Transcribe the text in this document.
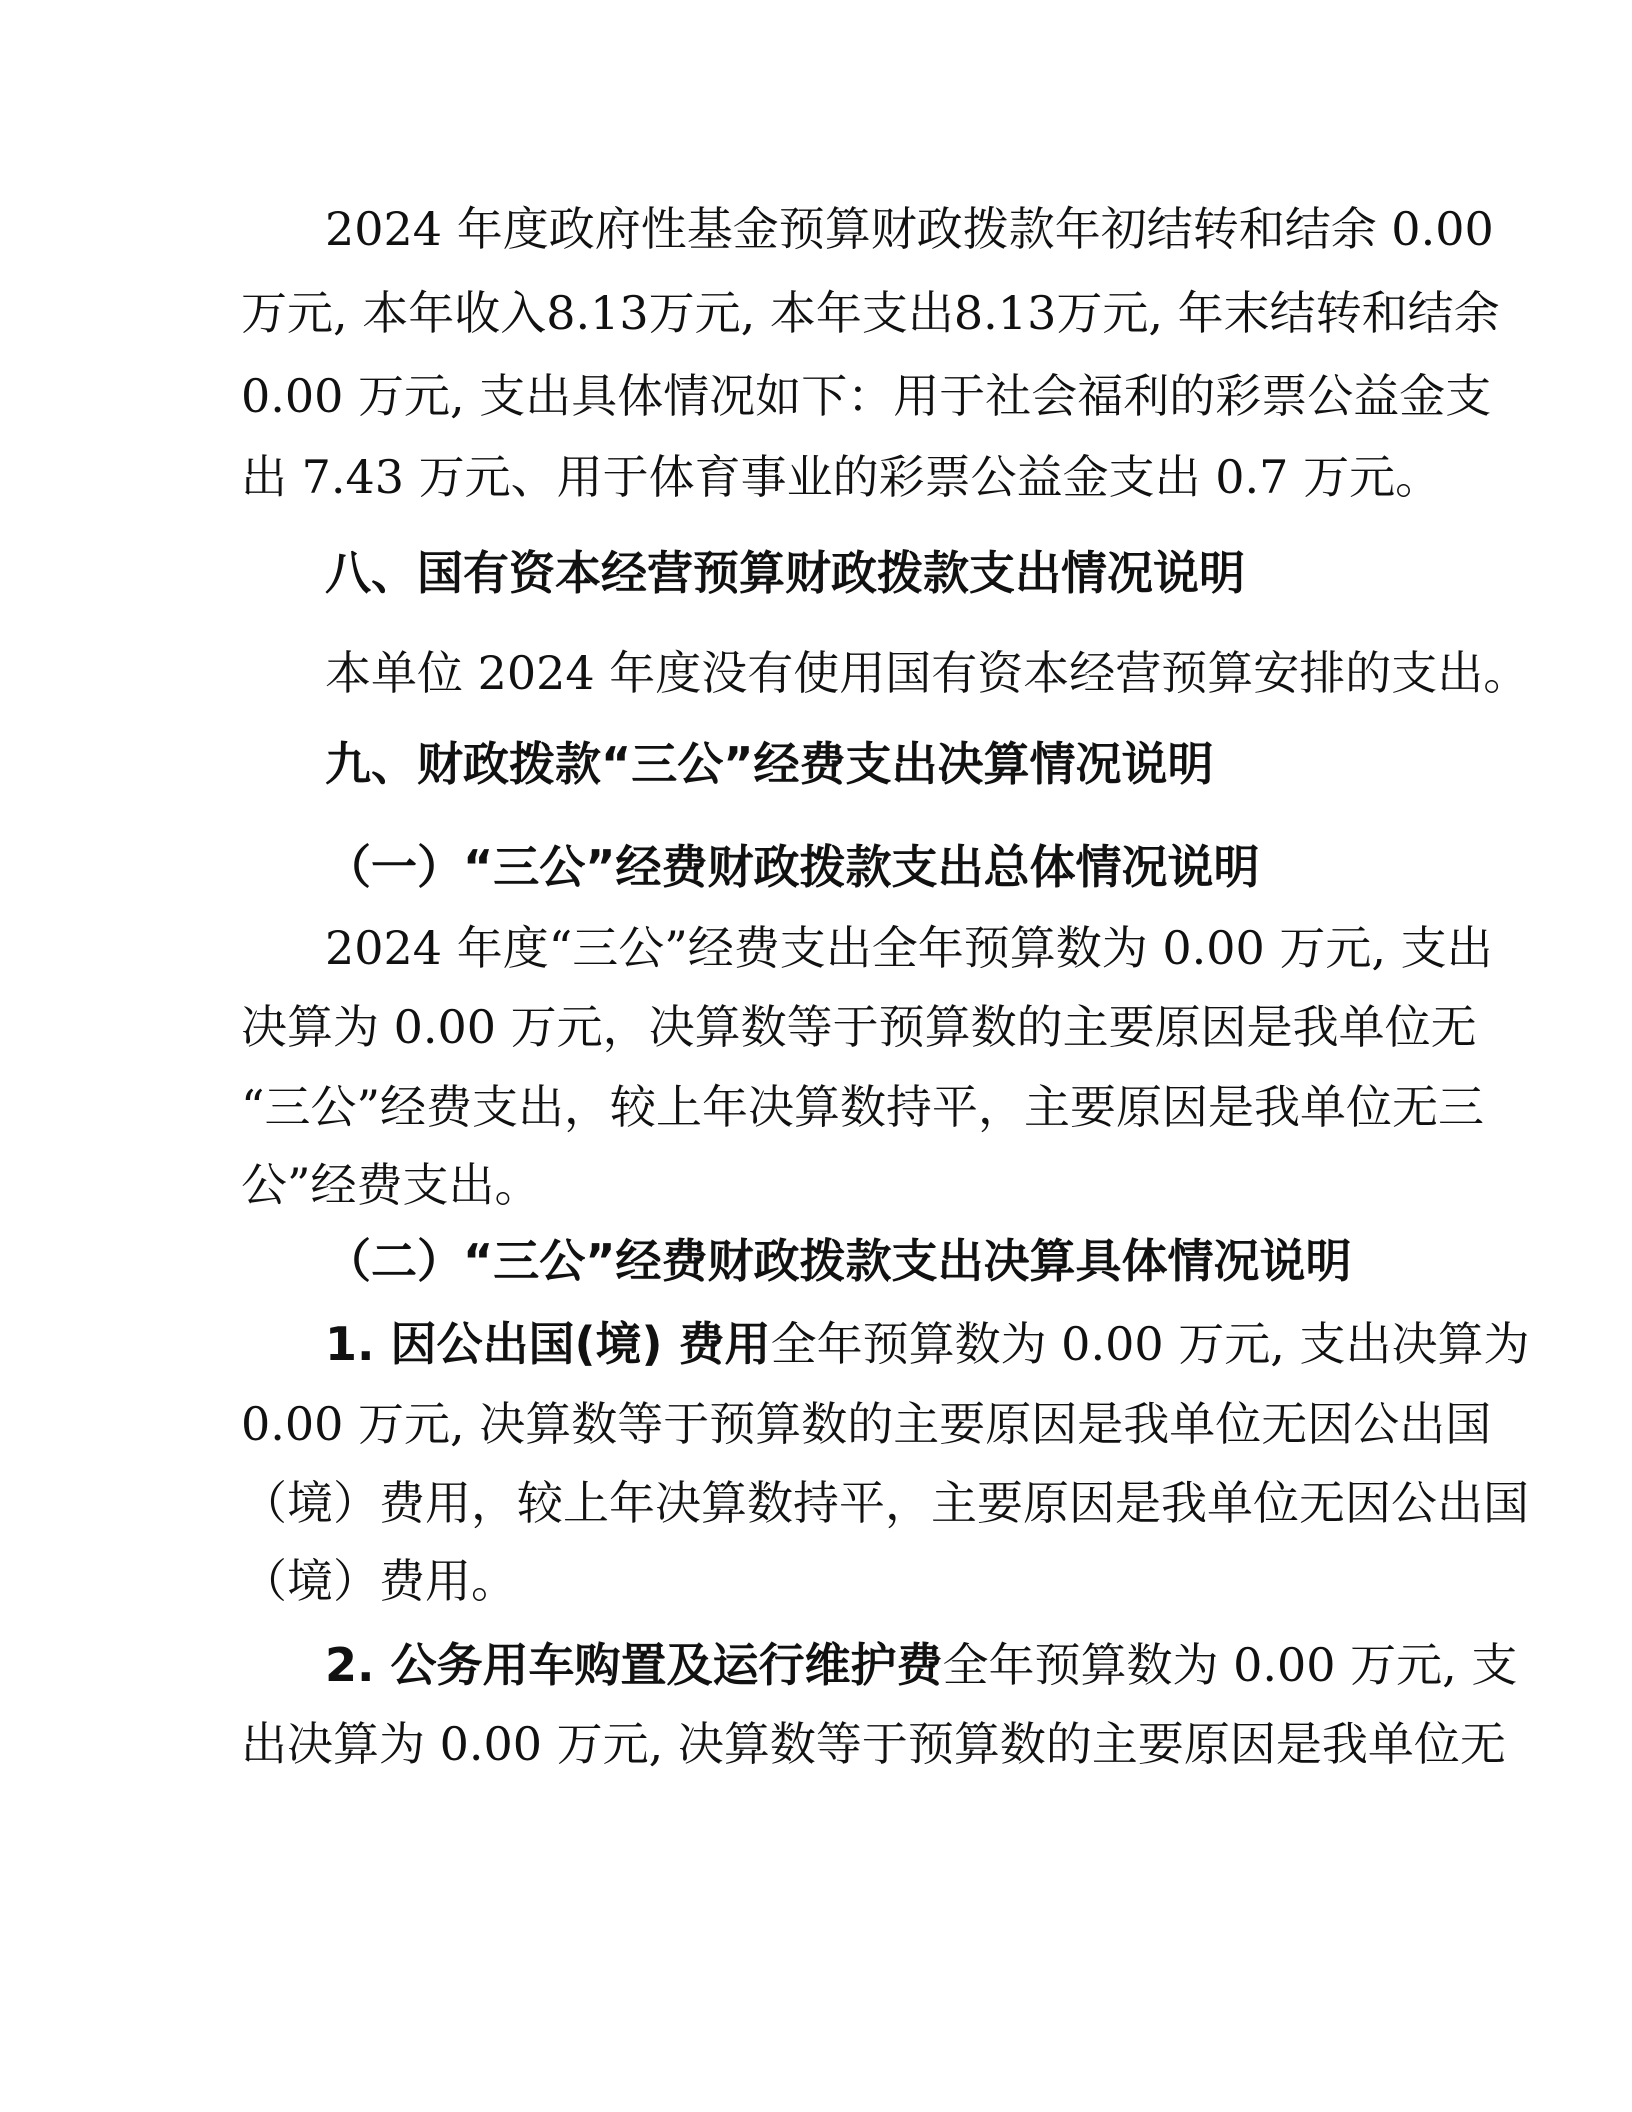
2024 年度政府性基金预算财政拨款年初结转和结余 0.00
万元, 本年收入8.13万元, 本年支出8.13万元, 年末结转和结余
0.00 万元, 支出具体情况如下：用于社会福利的彩票公益金支
出 7.43 万元、用于体育事业的彩票公益金支出 0.7 万元。
八、国有资本经营预算财政拨款支出情况说明
本单位 2024 年度没有使用国有资本经营预算安排的支出。
九、财政拨款“三公”经费支出决算情况说明
（一）“三公”经费财政拨款支出总体情况说明
2024 年度“三公”经费支出全年预算数为 0.00 万元, 支出
决算为 0.00 万元，决算数等于预算数的主要原因是我单位无
“三公”经费支出，较上年决算数持平，主要原因是我单位无三
公”经费支出。
（二）“三公”经费财政拨款支出决算具体情况说明
1. 因公出国(境) 费用 全年预算数为 0.00 万元, 支出决算为
0.00 万元, 决算数等于预算数的主要原因是我单位无因公出国
（境）费用，较上年决算数持平，主要原因是我单位无因公出国
（境）费用。
2. 公务用车购置及运行维护费 全年预算数为 0.00 万元, 支
出决算为 0.00 万元, 决算数等于预算数的主要原因是我单位无
